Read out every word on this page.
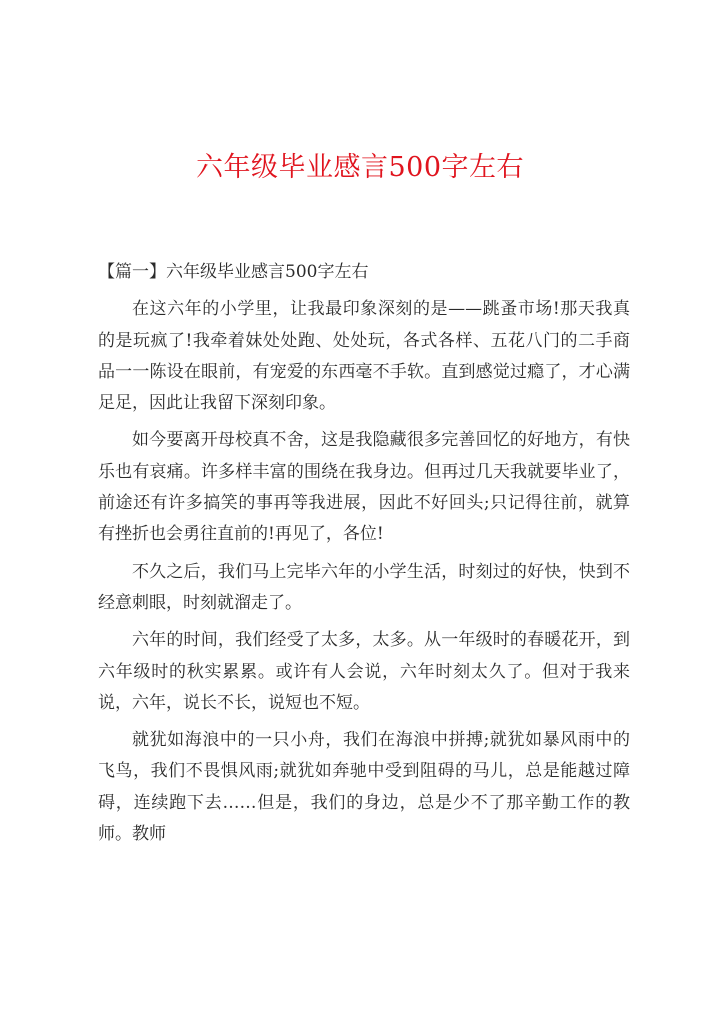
六年级毕业感言500字左右

【篇一】六年级毕业感言500字左右

在这六年的小学里，让我最印象深刻的是——跳蚤市场!那天我真的是玩疯了!我牵着妹处处跑、处处玩，各式各样、五花八门的二手商品一一陈设在眼前，有宠爱的东西毫不手软。直到感觉过瘾了，才心满足足，因此让我留下深刻印象。

如今要离开母校真不舍，这是我隐藏很多完善回忆的好地方，有快乐也有哀痛。许多样丰富的围绕在我身边。但再过几天我就要毕业了，前途还有许多搞笑的事再等我进展，因此不好回头;只记得往前，就算有挫折也会勇往直前的!再见了，各位!

不久之后，我们马上完毕六年的小学生活，时刻过的好快，快到不经意刺眼，时刻就溜走了。

六年的时间，我们经受了太多，太多。从一年级时的春暖花开，到六年级时的秋实累累。或许有人会说，六年时刻太久了。但对于我来说，六年，说长不长，说短也不短。

就犹如海浪中的一只小舟，我们在海浪中拼搏;就犹如暴风雨中的飞鸟，我们不畏惧风雨;就犹如奔驰中受到阻碍的马儿，总是能越过障碍，连续跑下去……但是，我们的身边，总是少不了那辛勤工作的教师。教师
